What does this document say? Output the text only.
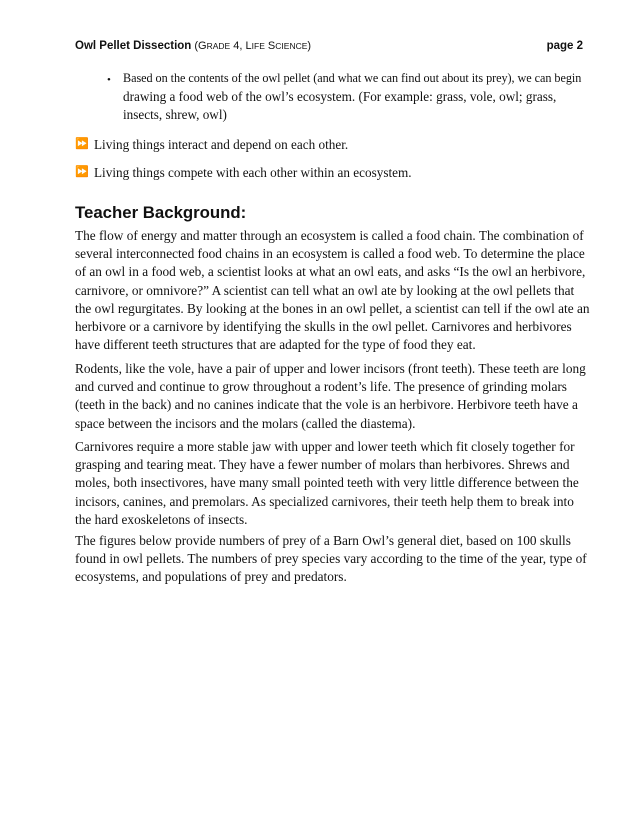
Owl Pellet Dissection (GRADE 4, LIFE SCIENCE)	page 2
• Based on the contents of the owl pellet (and what we can find out about its prey), we can begin
drawing a food web of the owl’s ecosystem. (For example: grass, vole, owl; grass,
insects, shrew, owl)
⏩ Living things interact and depend on each other.
⏩ Living things compete with each other within an ecosystem.
Teacher Background:
The flow of energy and matter through an ecosystem is called a food chain. The combination of
several interconnected food chains in an ecosystem is called a food web. To determine the place
of an owl in a food web, a scientist looks at what an owl eats, and asks “Is the owl an herbivore,
carnivore, or omnivore?” A scientist can tell what an owl ate by looking at the owl pellets that
the owl regurgitates. By looking at the bones in an owl pellet, a scientist can tell if the owl ate an
herbivore or a carnivore by identifying the skulls in the owl pellet. Carnivores and herbivores
have different teeth structures that are adapted for the type of food they eat.
Rodents, like the vole, have a pair of upper and lower incisors (front teeth). These teeth are long
and curved and continue to grow throughout a rodent’s life. The presence of grinding molars
(teeth in the back) and no canines indicate that the vole is an herbivore. Herbivore teeth have a
space between the incisors and the molars (called the diastema).
Carnivores require a more stable jaw with upper and lower teeth which fit closely together for
grasping and tearing meat. They have a fewer number of molars than herbivores. Shrews and
moles, both insectivores, have many small pointed teeth with very little difference between the
incisors, canines, and premolars. As specialized carnivores, their teeth help them to break into
the hard exoskeletons of insects.
The figures below provide numbers of prey of a Barn Owl’s general diet, based on 100 skulls
found in owl pellets. The numbers of prey species vary according to the time of the year, type of
ecosystems, and populations of prey and predators.
